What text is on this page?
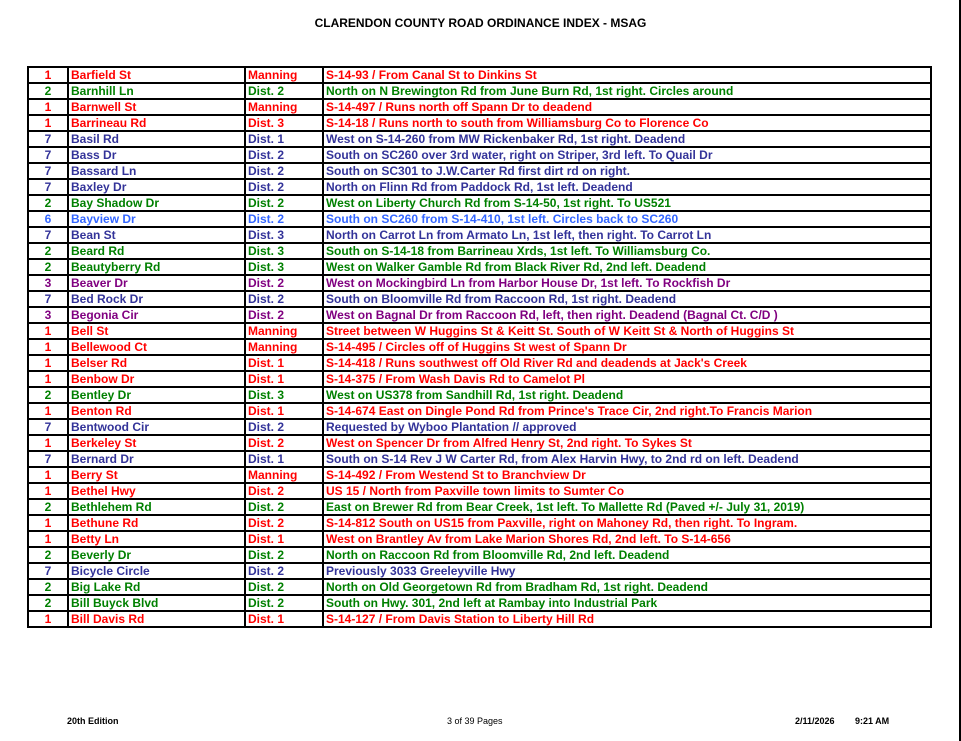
CLARENDON COUNTY ROAD ORDINANCE INDEX - MSAG
1	Barfield St	Manning	S-14-93 / From Canal St to Dinkins St
2	Barnhill Ln	Dist. 2	North on N Brewington Rd from June Burn Rd, 1st right. Circles around
1	Barnwell St	Manning	S-14-497 / Runs north off Spann Dr to deadend
1	Barrineau Rd	Dist. 3	S-14-18 / Runs north to south from Williamsburg Co to Florence Co
7	Basil Rd	Dist. 1	West on S-14-260 from MW Rickenbaker Rd, 1st right. Deadend
7	Bass Dr	Dist. 2	South on SC260 over 3rd water, right on Striper, 3rd left. To Quail Dr
7	Bassard Ln	Dist. 2	South on SC301 to J.W.Carter Rd first dirt rd on right.
7	Baxley Dr	Dist. 2	North on Flinn Rd from Paddock Rd, 1st left. Deadend
2	Bay Shadow Dr	Dist. 2	West on Liberty Church Rd from S-14-50, 1st right. To US521
6	Bayview Dr	Dist. 2	South on SC260 from S-14-410, 1st left. Circles back to SC260
7	Bean St	Dist. 3	North on Carrot Ln from Armato Ln, 1st left, then right. To Carrot Ln
2	Beard Rd	Dist. 3	South on S-14-18 from Barrineau Xrds, 1st left. To Williamsburg Co.
2	Beautyberry Rd	Dist. 3	West on Walker Gamble Rd from Black River Rd, 2nd left. Deadend
3	Beaver Dr	Dist. 2	West on Mockingbird Ln from Harbor House Dr, 1st left. To Rockfish Dr
7	Bed Rock Dr	Dist. 2	South on Bloomville Rd from Raccoon Rd, 1st right. Deadend
3	Begonia Cir	Dist. 2	West on Bagnal Dr from Raccoon Rd, left, then right. Deadend (Bagnal Ct. C/D )
1	Bell St	Manning	Street between W Huggins St & Keitt St. South of W Keitt St & North of Huggins St
1	Bellewood Ct	Manning	S-14-495 / Circles off of Huggins St west of Spann Dr
1	Belser Rd	Dist. 1	S-14-418 / Runs southwest off Old River Rd and deadends at Jack's Creek
1	Benbow Dr	Dist. 1	S-14-375 / From Wash Davis Rd to Camelot Pl
2	Bentley Dr	Dist. 3	West on US378 from Sandhill Rd, 1st right. Deadend
1	Benton Rd	Dist. 1	S-14-674 East on Dingle Pond Rd from Prince's Trace Cir, 2nd right.To Francis Marion
7	Bentwood Cir	Dist. 2	Requested by Wyboo Plantation // approved
1	Berkeley St	Dist. 2	West on Spencer Dr from Alfred Henry St, 2nd right. To Sykes St
7	Bernard Dr	Dist. 1	South on S-14 Rev J W Carter Rd, from Alex Harvin Hwy, to 2nd rd on left. Deadend
1	Berry St	Manning	S-14-492 / From Westend St to Branchview Dr
1	Bethel Hwy	Dist. 2	US 15 / North from Paxville town limits to Sumter Co
2	Bethlehem Rd	Dist. 2	East on Brewer Rd from Bear Creek, 1st left. To Mallette Rd (Paved +/- July 31, 2019)
1	Bethune Rd	Dist. 2	S-14-812 South on US15 from Paxville, right on Mahoney Rd, then right. To Ingram.
1	Betty Ln	Dist. 1	West on Brantley Av from Lake Marion Shores Rd, 2nd left. To S-14-656
2	Beverly Dr	Dist. 2	North on Raccoon Rd from Bloomville Rd, 2nd left. Deadend
7	Bicycle Circle	Dist. 2	Previously 3033 Greeleyville Hwy
2	Big Lake Rd	Dist. 2	North on Old Georgetown Rd from Bradham Rd, 1st right. Deadend
2	Bill Buyck Blvd	Dist. 2	South on Hwy. 301, 2nd left at Rambay into Industrial Park
1	Bill Davis Rd	Dist. 1	S-14-127 / From Davis Station to Liberty Hill Rd
20th Edition	3 of 39 Pages	2/11/2026 9:21 AM
